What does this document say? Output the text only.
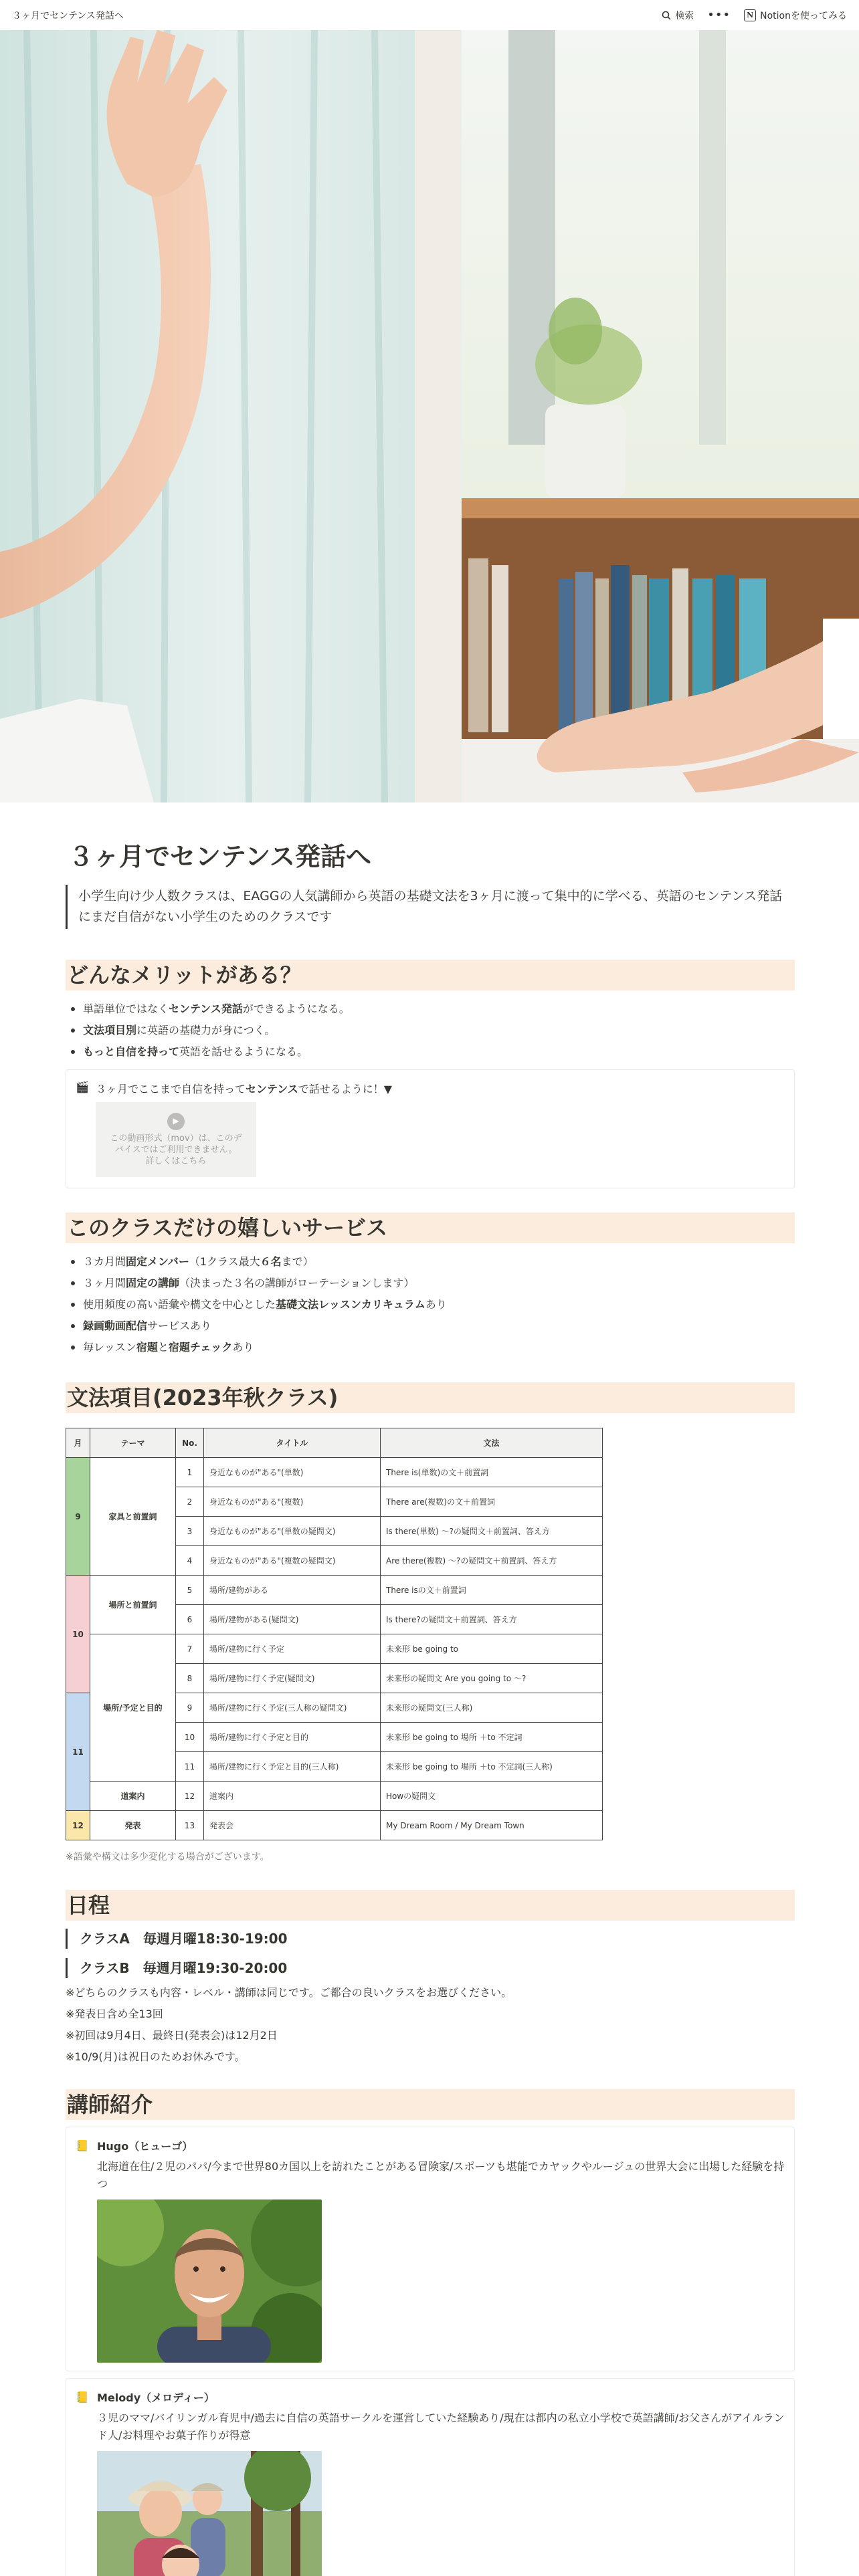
３ヶ月でセンテンス発話へ	検索 •••	N Notionを使ってみる
３ヶ月でセンテンス発話へ
小学生向け少人数クラスは、EAGGの人気講師から英語の基礎文法を3ヶ月に渡って集中的に学べる、英語のセンテンス発話にまだ自信がない小学生のためのクラスです
どんなメリットがある？
単語単位ではなくセンテンス発話ができるようになる。
文法項目別に英語の基礎力が身につく。
もっと自信を持って英語を話せるようになる。
🎬 ３ヶ月でここまで自信を持ってセンテンスで話せるように！▼
▶
この動画形式（mov）は、このデバイスではご利用できません。
詳しくはこちら
このクラスだけの嬉しいサービス
３カ月間固定メンバー（1クラス最大６名まで）
３ヶ月間固定の講師（決まった３名の講師がローテーションします）
使用頻度の高い語彙や構文を中心とした基礎文法レッスンカリキュラムあり
録画動画配信サービスあり
毎レッスン宿題と宿題チェックあり
文法項目(2023年秋クラス)
月	テーマ	No.	タイトル	文法
9	家具と前置詞	1	身近なものが"ある"(単数)	There is(単数)の文＋前置詞
		2	身近なものが"ある"(複数)	There are(複数)の文＋前置詞
		3	身近なものが"ある"(単数の疑問文)	Is there(単数) ～?の疑問文＋前置詞、答え方
		4	身近なものが"ある"(複数の疑問文)	Are there(複数) ～?の疑問文＋前置詞、答え方
10	場所と前置詞	5	場所/建物がある	There isの文＋前置詞
		6	場所/建物がある(疑問文)	Is there?の疑問文＋前置詞、答え方
	場所/予定と目的	7	場所/建物に行く予定	未来形 be going to
		8	場所/建物に行く予定(疑問文)	未来形の疑問文 Are you going to ～?
11		9	場所/建物に行く予定(三人称の疑問文)	未来形の疑問文(三人称)
		10	場所/建物に行く予定と目的	未来形 be going to 場所 ＋to 不定詞
		11	場所/建物に行く予定と目的(三人称)	未来形 be going to 場所 ＋to 不定詞(三人称)
	道案内	12	道案内	Howの疑問文
12	発表	13	発表会	My Dream Room / My Dream Town
※語彙や構文は多少変化する場合がございます。
日程
クラスA　毎週月曜18:30-19:00
クラスB　毎週月曜19:30-20:00
※どちらのクラスも内容・レベル・講師は同じです。ご都合の良いクラスをお選びください。
※発表日含め全13回
※初回は9月4日、最終日(発表会)は12月2日
※10/9(月)は祝日のためお休みです。
講師紹介
📒 Hugo（ヒューゴ）
北海道在住/２児のパパ/今まで世界80カ国以上を訪れたことがある冒険家/スポーツも堪能でカヤックやルージュの世界大会に出場した経験を持つ
📒 Melody（メロディー）
３児のママ/バイリンガル育児中/過去に自信の英語サークルを運営していた経験あり/現在は都内の私立小学校で英語講師/お父さんがアイルランド人/お料理やお菓子作りが得意
